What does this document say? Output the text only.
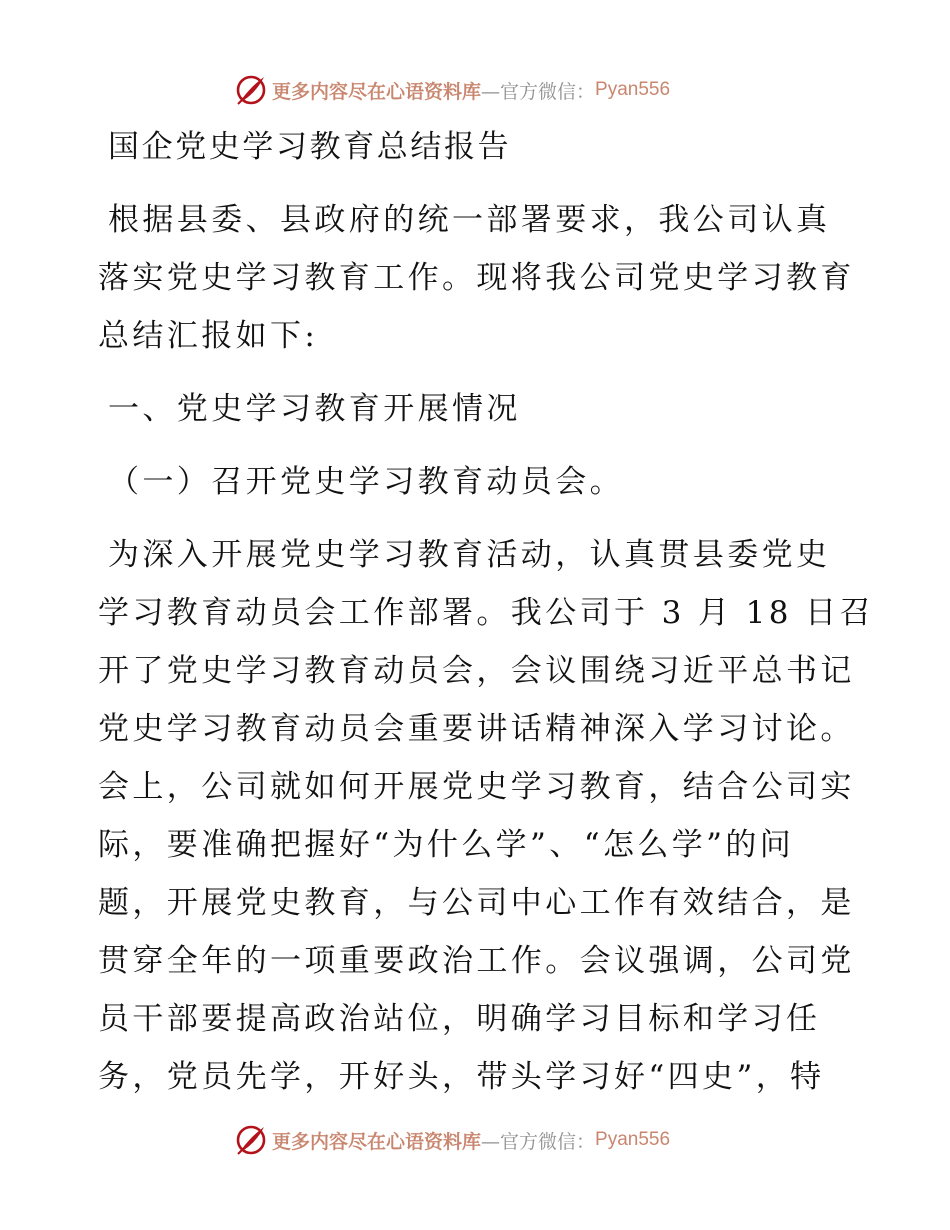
更多内容尽在心语资料库 —官方微信： Pyan556
国企党史学习教育总结报告
根据县委、县政府的统一部署要求，我公司认真
落实党史学习教育工作。现将我公司党史学习教育
总结汇报如下:
一、党史学习教育开展情况
（一）召开党史学习教育动员会。
为深入开展党史学习教育活动，认真贯县委党史
学习教育动员会工作部署。我公司于 3 月 18 日召
开了党史学习教育动员会，会议围绕习近平总书记
党史学习教育动员会重要讲话精神深入学习讨论。
会上，公司就如何开展党史学习教育，结合公司实
际，要准确把握好“为什么学”、“怎么学”的问
题，开展党史教育，与公司中心工作有效结合，是
贯穿全年的一项重要政治工作。会议强调，公司党
员干部要提高政治站位，明确学习目标和学习任
务，党员先学，开好头，带头学习好“四史”，特
更多内容尽在心语资料库 —官方微信： Pyan556
